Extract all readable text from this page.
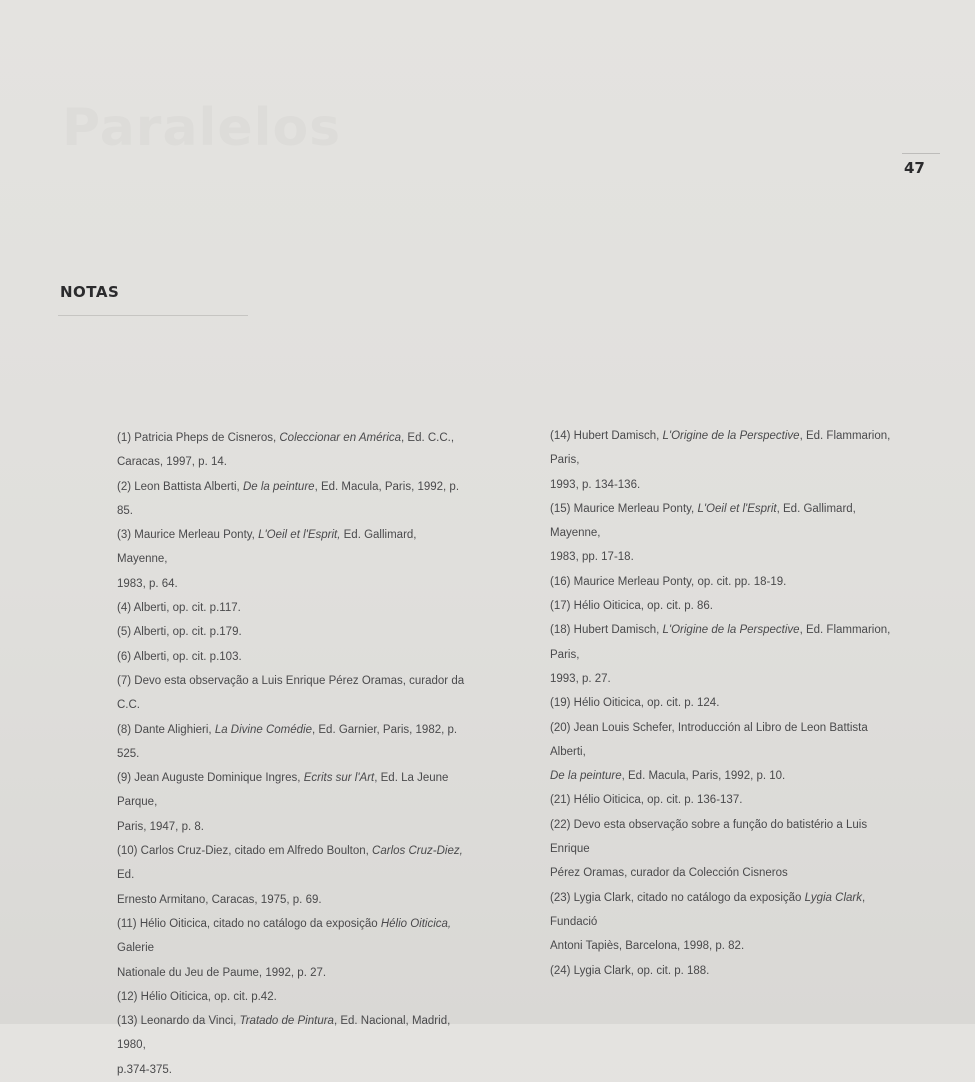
Paralelos
47
NOTAS
(1) Patricia Pheps de Cisneros, Coleccionar en América, Ed. C.C.,
Caracas, 1997, p. 14.
(2) Leon Battista Alberti, De la peinture, Ed. Macula, Paris, 1992, p. 85.
(3) Maurice Merleau Ponty, L'Oeil et l'Esprit, Ed. Gallimard, Mayenne,
1983, p. 64.
(4) Alberti, op. cit. p.117.
(5) Alberti, op. cit. p.179.
(6) Alberti, op. cit. p.103.
(7) Devo esta observação a Luis Enrique Pérez Oramas, curador da
C.C.
(8) Dante Alighieri, La Divine Comédie, Ed. Garnier, Paris, 1982, p. 525.
(9) Jean Auguste Dominique Ingres, Ecrits sur l'Art, Ed. La Jeune Parque,
Paris, 1947, p. 8.
(10) Carlos Cruz-Diez, citado em Alfredo Boulton, Carlos Cruz-Diez, Ed.
Ernesto Armitano, Caracas, 1975, p. 69.
(11) Hélio Oiticica, citado no catálogo da exposição Hélio Oiticica, Galerie
Nationale du Jeu de Paume, 1992, p. 27.
(12) Hélio Oiticica, op. cit. p.42.
(13) Leonardo da Vinci, Tratado de Pintura, Ed. Nacional, Madrid, 1980,
p.374-375.
(14) Hubert Damisch, L'Origine de la Perspective, Ed. Flammarion, Paris,
1993, p. 134-136.
(15) Maurice Merleau Ponty, L'Oeil et l'Esprit, Ed. Gallimard, Mayenne,
1983, pp. 17-18.
(16) Maurice Merleau Ponty, op. cit. pp. 18-19.
(17) Hélio Oiticica, op. cit. p. 86.
(18) Hubert Damisch, L'Origine de la Perspective, Ed. Flammarion, Paris,
1993, p. 27.
(19) Hélio Oiticica, op. cit. p. 124.
(20) Jean Louis Schefer, Introducción al Libro de Leon Battista Alberti,
De la peinture, Ed. Macula, Paris, 1992, p. 10.
(21) Hélio Oiticica, op. cit. p. 136-137.
(22) Devo esta observação sobre a função do batistério a Luis Enrique
Pérez Oramas, curador da Colección Cisneros
(23) Lygia Clark, citado no catálogo da exposição Lygia Clark, Fundació
Antoni Tapiès, Barcelona, 1998, p. 82.
(24) Lygia Clark, op. cit. p. 188.
